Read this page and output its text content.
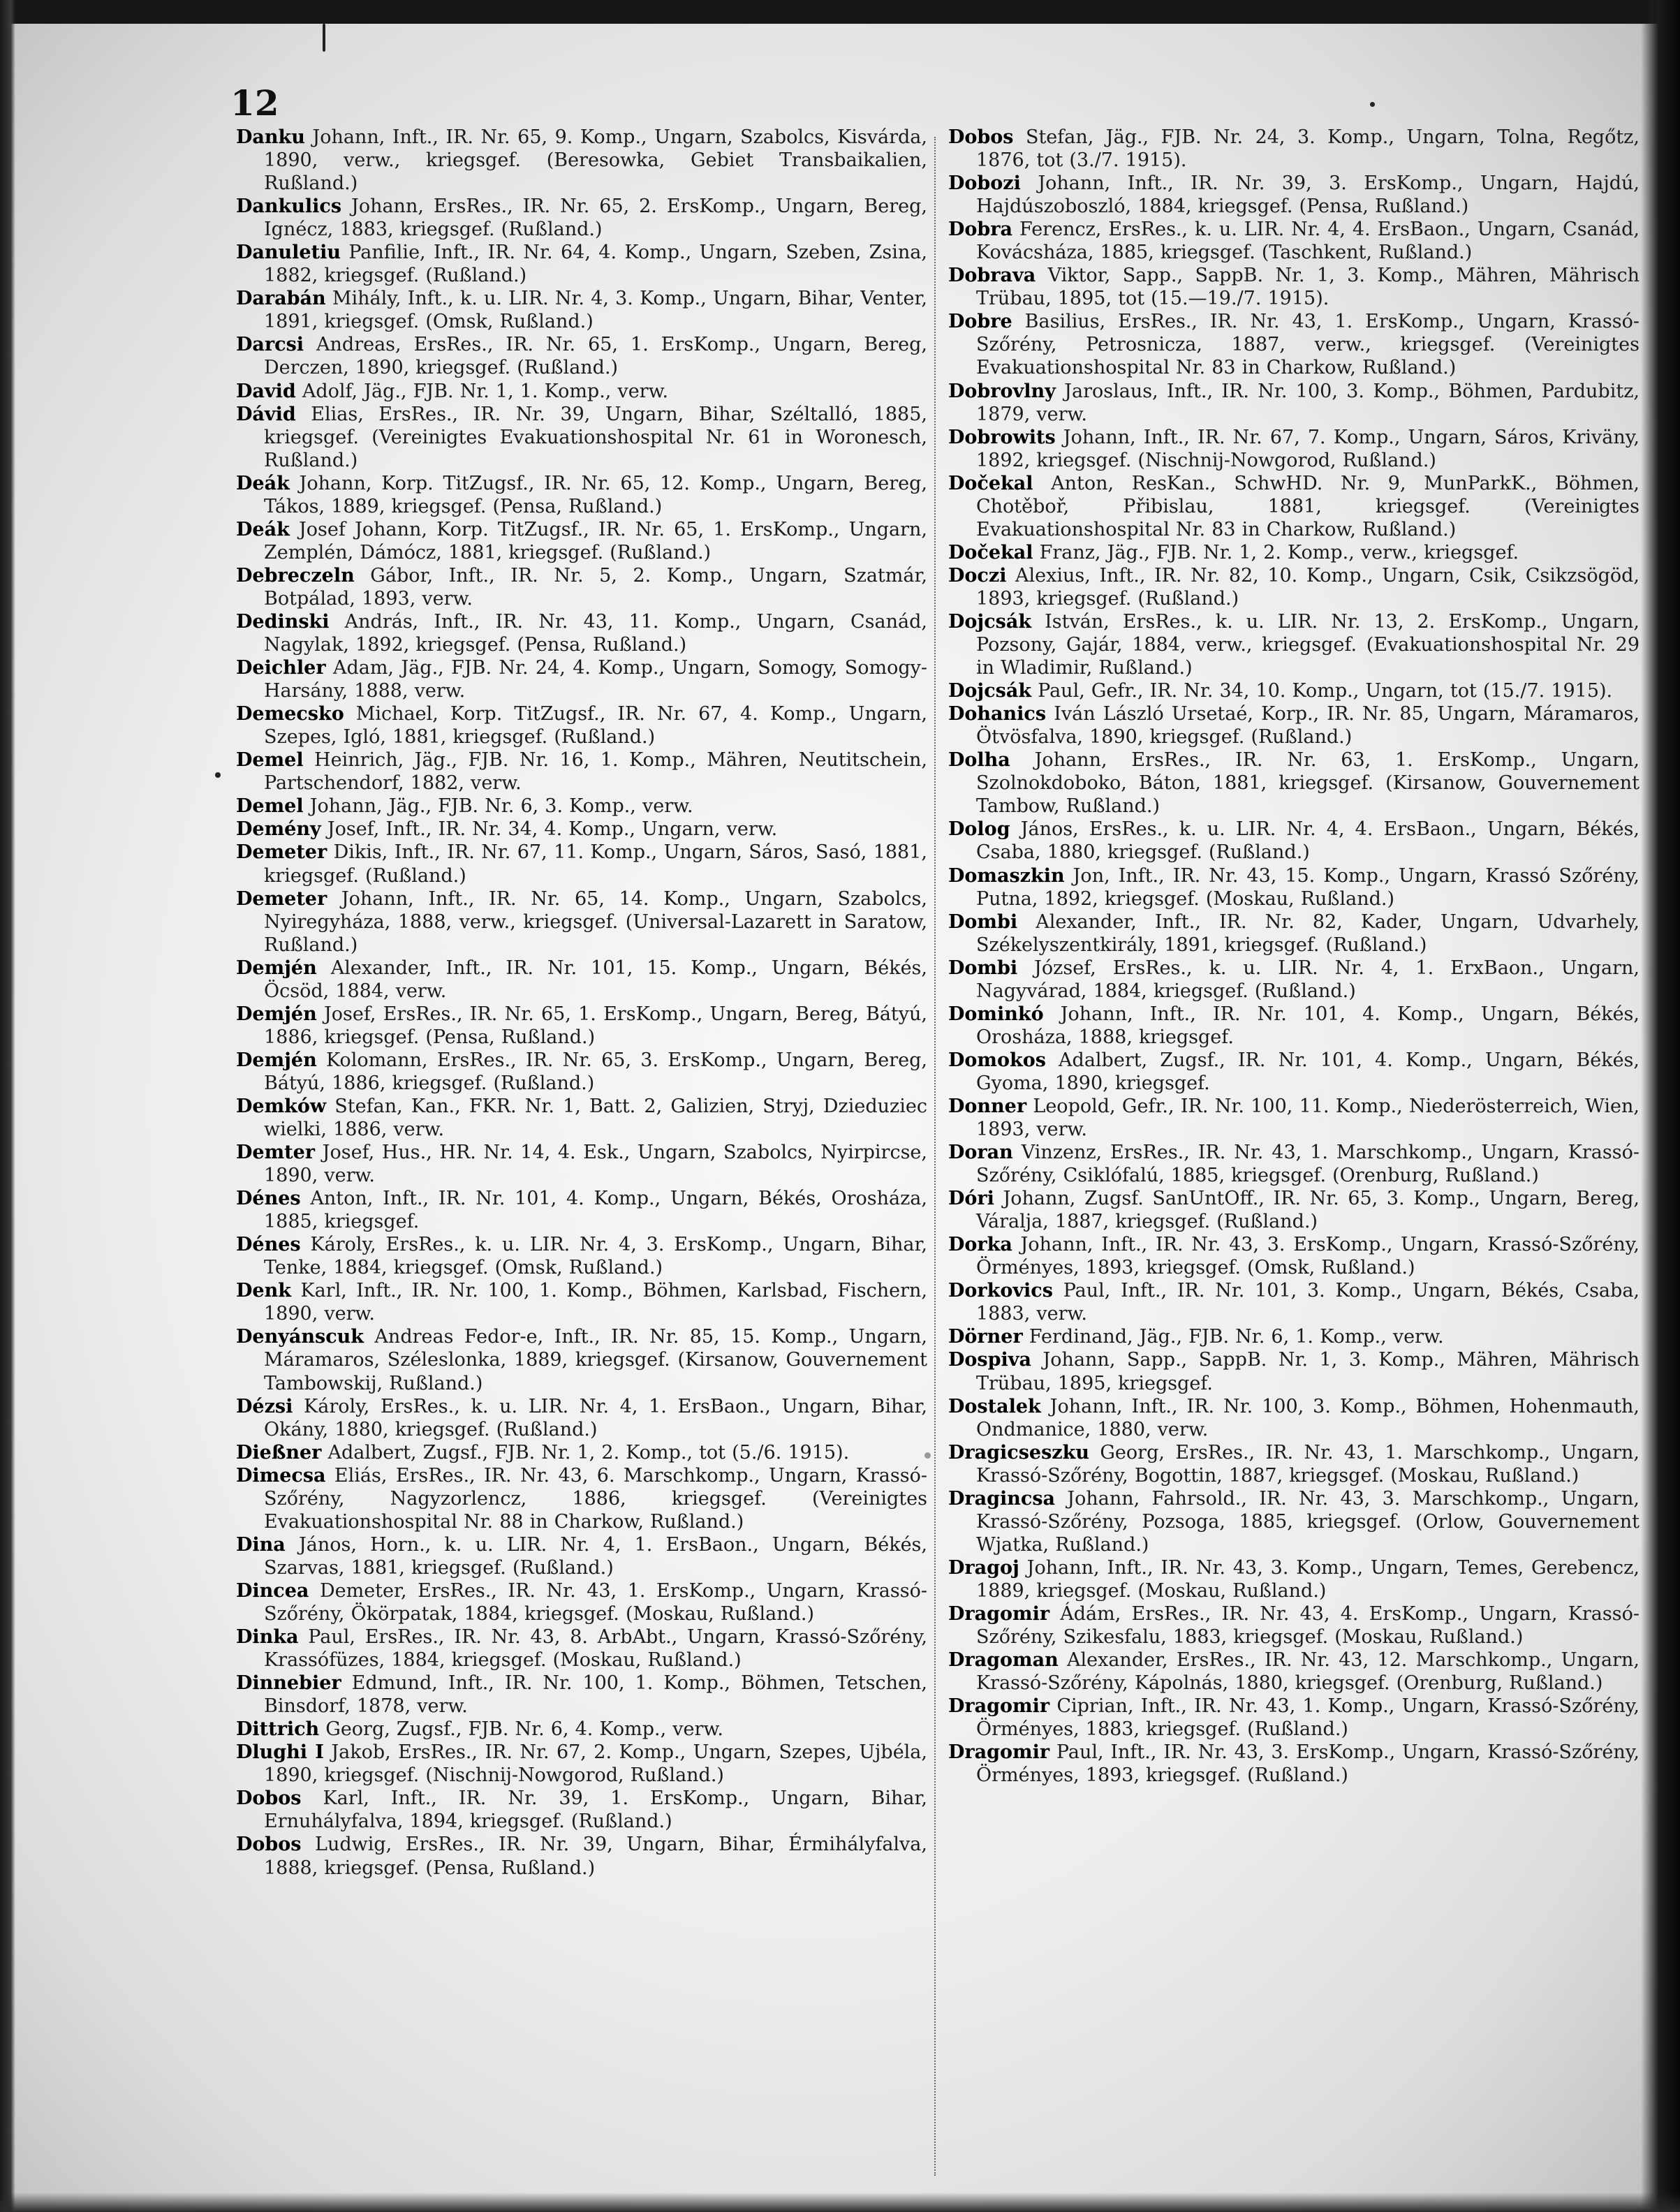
12

Danku Johann, Inft., IR. Nr. 65, 9. Komp., Ungarn, Szabolcs, Kisvárda, 1890, verw., kriegsgef. (Beresowka, Gebiet Transbaikalien, Rußland.)

Dankulics Johann, ErsRes., IR. Nr. 65, 2. ErsKomp., Ungarn, Bereg, Ignécz, 1883, kriegsgef. (Rußland.)

Danuletiu Panfilie, Inft., IR. Nr. 64, 4. Komp., Ungarn, Szeben, Zsina, 1882, kriegsgef. (Rußland.)

Darabán Mihály, Inft., k. u. LIR. Nr. 4, 3. Komp., Ungarn, Bihar, Venter, 1891, kriegsgef. (Omsk, Rußland.)

Darcsi Andreas, ErsRes., IR. Nr. 65, 1. ErsKomp., Ungarn, Bereg, Derczen, 1890, kriegsgef. (Rußland.)

David Adolf, Jäg., FJB. Nr. 1, 1. Komp., verw.

Dávid Elias, ErsRes., IR. Nr. 39, Ungarn, Bihar, Széltalló, 1885, kriegsgef. (Vereinigtes Evakuationshospital Nr. 61 in Woronesch, Rußland.)

Deák Johann, Korp. TitZugsf., IR. Nr. 65, 12. Komp., Ungarn, Bereg, Tákos, 1889, kriegsgef. (Pensa, Rußland.)

Deák Josef Johann, Korp. TitZugsf., IR. Nr. 65, 1. ErsKomp., Ungarn, Zemplén, Dámócz, 1881, kriegsgef. (Rußland.)

Debreczeln Gábor, Inft., IR. Nr. 5, 2. Komp., Ungarn, Szatmár, Botpálad, 1893, verw.

Dedinski András, Inft., IR. Nr. 43, 11. Komp., Ungarn, Csanád, Nagylak, 1892, kriegsgef. (Pensa, Rußland.)

Deichler Adam, Jäg., FJB. Nr. 24, 4. Komp., Ungarn, Somogy, Somogy-Harsány, 1888, verw.

Demecsko Michael, Korp. TitZugsf., IR. Nr. 67, 4. Komp., Ungarn, Szepes, Igló, 1881, kriegsgef. (Rußland.)

Demel Heinrich, Jäg., FJB. Nr. 16, 1. Komp., Mähren, Neutitschein, Partschendorf, 1882, verw.

Demel Johann, Jäg., FJB. Nr. 6, 3. Komp., verw.

Demény Josef, Inft., IR. Nr. 34, 4. Komp., Ungarn, verw.

Demeter Dikis, Inft., IR. Nr. 67, 11. Komp., Ungarn, Sáros, Sasó, 1881, kriegsgef. (Rußland.)

Demeter Johann, Inft., IR. Nr. 65, 14. Komp., Ungarn, Szabolcs, Nyiregyháza, 1888, verw., kriegsgef. (Universal-Lazarett in Saratow, Rußland.)

Demjén Alexander, Inft., IR. Nr. 101, 15. Komp., Ungarn, Békés, Öcsöd, 1884, verw.

Demjén Josef, ErsRes., IR. Nr. 65, 1. ErsKomp., Ungarn, Bereg, Bátyú, 1886, kriegsgef. (Pensa, Rußland.)

Demjén Kolomann, ErsRes., IR. Nr. 65, 3. ErsKomp., Ungarn, Bereg, Bátyú, 1886, kriegsgef. (Rußland.)

Demków Stefan, Kan., FKR. Nr. 1, Batt. 2, Galizien, Stryj, Dzieduziec wielki, 1886, verw.

Demter Josef, Hus., HR. Nr. 14, 4. Esk., Ungarn, Szabolcs, Nyirpircse, 1890, verw.

Dénes Anton, Inft., IR. Nr. 101, 4. Komp., Ungarn, Békés, Orosháza, 1885, kriegsgef.

Dénes Károly, ErsRes., k. u. LIR. Nr. 4, 3. ErsKomp., Ungarn, Bihar, Tenke, 1884, kriegsgef. (Omsk, Rußland.)

Denk Karl, Inft., IR. Nr. 100, 1. Komp., Böhmen, Karlsbad, Fischern, 1890, verw.

Denyánscuk Andreas Fedor-e, Inft., IR. Nr. 85, 15. Komp., Ungarn, Máramaros, Széleslonka, 1889, kriegsgef. (Kirsanow, Gouvernement Tambowskij, Rußland.)

Dézsi Károly, ErsRes., k. u. LIR. Nr. 4, 1. ErsBaon., Ungarn, Bihar, Okány, 1880, kriegsgef. (Rußland.)

Dießner Adalbert, Zugsf., FJB. Nr. 1, 2. Komp., tot (5./6. 1915).

Dimecsa Eliás, ErsRes., IR. Nr. 43, 6. Marschkomp., Ungarn, Krassó-Szőrény, Nagyzorlencz, 1886, kriegsgef. (Vereinigtes Evakuationshospital Nr. 88 in Charkow, Rußland.)

Dina János, Horn., k. u. LIR. Nr. 4, 1. ErsBaon., Ungarn, Békés, Szarvas, 1881, kriegsgef. (Rußland.)

Dincea Demeter, ErsRes., IR. Nr. 43, 1. ErsKomp., Ungarn, Krassó-Szőrény, Ökörpatak, 1884, kriegsgef. (Moskau, Rußland.)

Dinka Paul, ErsRes., IR. Nr. 43, 8. ArbAbt., Ungarn, Krassó-Szőrény, Krassófüzes, 1884, kriegsgef. (Moskau, Rußland.)

Dinnebier Edmund, Inft., IR. Nr. 100, 1. Komp., Böhmen, Tetschen, Binsdorf, 1878, verw.

Dittrich Georg, Zugsf., FJB. Nr. 6, 4. Komp., verw.

Dlughi I Jakob, ErsRes., IR. Nr. 67, 2. Komp., Ungarn, Szepes, Ujbéla, 1890, kriegsgef. (Nischnij-Nowgorod, Rußland.)

Dobos Karl, Inft., IR. Nr. 39, 1. ErsKomp., Ungarn, Bihar, Ernuhályfalva, 1894, kriegsgef. (Rußland.)

Dobos Ludwig, ErsRes., IR. Nr. 39, Ungarn, Bihar, Érmihályfalva, 1888, kriegsgef. (Pensa, Rußland.)

Dobos Stefan, Jäg., FJB. Nr. 24, 3. Komp., Ungarn, Tolna, Regőtz, 1876, tot (3./7. 1915).

Dobozi Johann, Inft., IR. Nr. 39, 3. ErsKomp., Ungarn, Hajdú, Hajdúszoboszló, 1884, kriegsgef. (Pensa, Rußland.)

Dobra Ferencz, ErsRes., k. u. LIR. Nr. 4, 4. ErsBaon., Ungarn, Csanád, Kovácsháza, 1885, kriegsgef. (Taschkent, Rußland.)

Dobrava Viktor, Sapp., SappB. Nr. 1, 3. Komp., Mähren, Mährisch Trübau, 1895, tot (15.—19./7. 1915).

Dobre Basilius, ErsRes., IR. Nr. 43, 1. ErsKomp., Ungarn, Krassó-Szőrény, Petrosnicza, 1887, verw., kriegsgef. (Vereinigtes Evakuationshospital Nr. 83 in Charkow, Rußland.)

Dobrovlny Jaroslaus, Inft., IR. Nr. 100, 3. Komp., Böhmen, Pardubitz, 1879, verw.

Dobrowits Johann, Inft., IR. Nr. 67, 7. Komp., Ungarn, Sáros, Kriväny, 1892, kriegsgef. (Nischnij-Nowgorod, Rußland.)

Dočekal Anton, ResKan., SchwHD. Nr. 9, MunParkK., Böhmen, Chotěboř, Přibislau, 1881, kriegsgef. (Vereinigtes Evakuationshospital Nr. 83 in Charkow, Rußland.)

Dočekal Franz, Jäg., FJB. Nr. 1, 2. Komp., verw., kriegsgef.

Doczi Alexius, Inft., IR. Nr. 82, 10. Komp., Ungarn, Csik, Csikzsögöd, 1893, kriegsgef. (Rußland.)

Dojcsák István, ErsRes., k. u. LIR. Nr. 13, 2. ErsKomp., Ungarn, Pozsony, Gajár, 1884, verw., kriegsgef. (Evakuationshospital Nr. 29 in Wladimir, Rußland.)

Dojcsák Paul, Gefr., IR. Nr. 34, 10. Komp., Ungarn, tot (15./7. 1915).

Dohanics Iván László Ursetaé, Korp., IR. Nr. 85, Ungarn, Máramaros, Ötvösfalva, 1890, kriegsgef. (Rußland.)

Dolha Johann, ErsRes., IR. Nr. 63, 1. ErsKomp., Ungarn, Szolnokdoboko, Báton, 1881, kriegsgef. (Kirsanow, Gouvernement Tambow, Rußland.)

Dolog János, ErsRes., k. u. LIR. Nr. 4, 4. ErsBaon., Ungarn, Békés, Csaba, 1880, kriegsgef. (Rußland.)

Domaszkin Jon, Inft., IR. Nr. 43, 15. Komp., Ungarn, Krassó Szőrény, Putna, 1892, kriegsgef. (Moskau, Rußland.)

Dombi Alexander, Inft., IR. Nr. 82, Kader, Ungarn, Udvarhely, Székelyszentkirály, 1891, kriegsgef. (Rußland.)

Dombi József, ErsRes., k. u. LIR. Nr. 4, 1. ErxBaon., Ungarn, Nagyvárad, 1884, kriegsgef. (Rußland.)

Dominkó Johann, Inft., IR. Nr. 101, 4. Komp., Ungarn, Békés, Orosháza, 1888, kriegsgef.

Domokos Adalbert, Zugsf., IR. Nr. 101, 4. Komp., Ungarn, Békés, Gyoma, 1890, kriegsgef.

Donner Leopold, Gefr., IR. Nr. 100, 11. Komp., Niederösterreich, Wien, 1893, verw.

Doran Vinzenz, ErsRes., IR. Nr. 43, 1. Marschkomp., Ungarn, Krassó-Szőrény, Csiklófalú, 1885, kriegsgef. (Orenburg, Rußland.)

Dóri Johann, Zugsf. SanUntOff., IR. Nr. 65, 3. Komp., Ungarn, Bereg, Váralja, 1887, kriegsgef. (Rußland.)

Dorka Johann, Inft., IR. Nr. 43, 3. ErsKomp., Ungarn, Krassó-Szőrény, Örményes, 1893, kriegsgef. (Omsk, Rußland.)

Dorkovics Paul, Inft., IR. Nr. 101, 3. Komp., Ungarn, Békés, Csaba, 1883, verw.

Dörner Ferdinand, Jäg., FJB. Nr. 6, 1. Komp., verw.

Dospiva Johann, Sapp., SappB. Nr. 1, 3. Komp., Mähren, Mährisch Trübau, 1895, kriegsgef.

Dostalek Johann, Inft., IR. Nr. 100, 3. Komp., Böhmen, Hohenmauth, Ondmanice, 1880, verw.

Dragicseszku Georg, ErsRes., IR. Nr. 43, 1. Marschkomp., Ungarn, Krassó-Szőrény, Bogottin, 1887, kriegsgef. (Moskau, Rußland.)

Dragincsa Johann, Fahrsold., IR. Nr. 43, 3. Marschkomp., Ungarn, Krassó-Szőrény, Pozsoga, 1885, kriegsgef. (Orlow, Gouvernement Wjatka, Rußland.)

Dragoj Johann, Inft., IR. Nr. 43, 3. Komp., Ungarn, Temes, Gerebencz, 1889, kriegsgef. (Moskau, Rußland.)

Dragomir Ádám, ErsRes., IR. Nr. 43, 4. ErsKomp., Ungarn, Krassó-Szőrény, Szikesfalu, 1883, kriegsgef. (Moskau, Rußland.)

Dragoman Alexander, ErsRes., IR. Nr. 43, 12. Marschkomp., Ungarn, Krassó-Szőrény, Kápolnás, 1880, kriegsgef. (Orenburg, Rußland.)

Dragomir Ciprian, Inft., IR. Nr. 43, 1. Komp., Ungarn, Krassó-Szőrény, Örményes, 1883, kriegsgef. (Rußland.)

Dragomir Paul, Inft., IR. Nr. 43, 3. ErsKomp., Ungarn, Krassó-Szőrény, Örményes, 1893, kriegsgef. (Rußland.)
